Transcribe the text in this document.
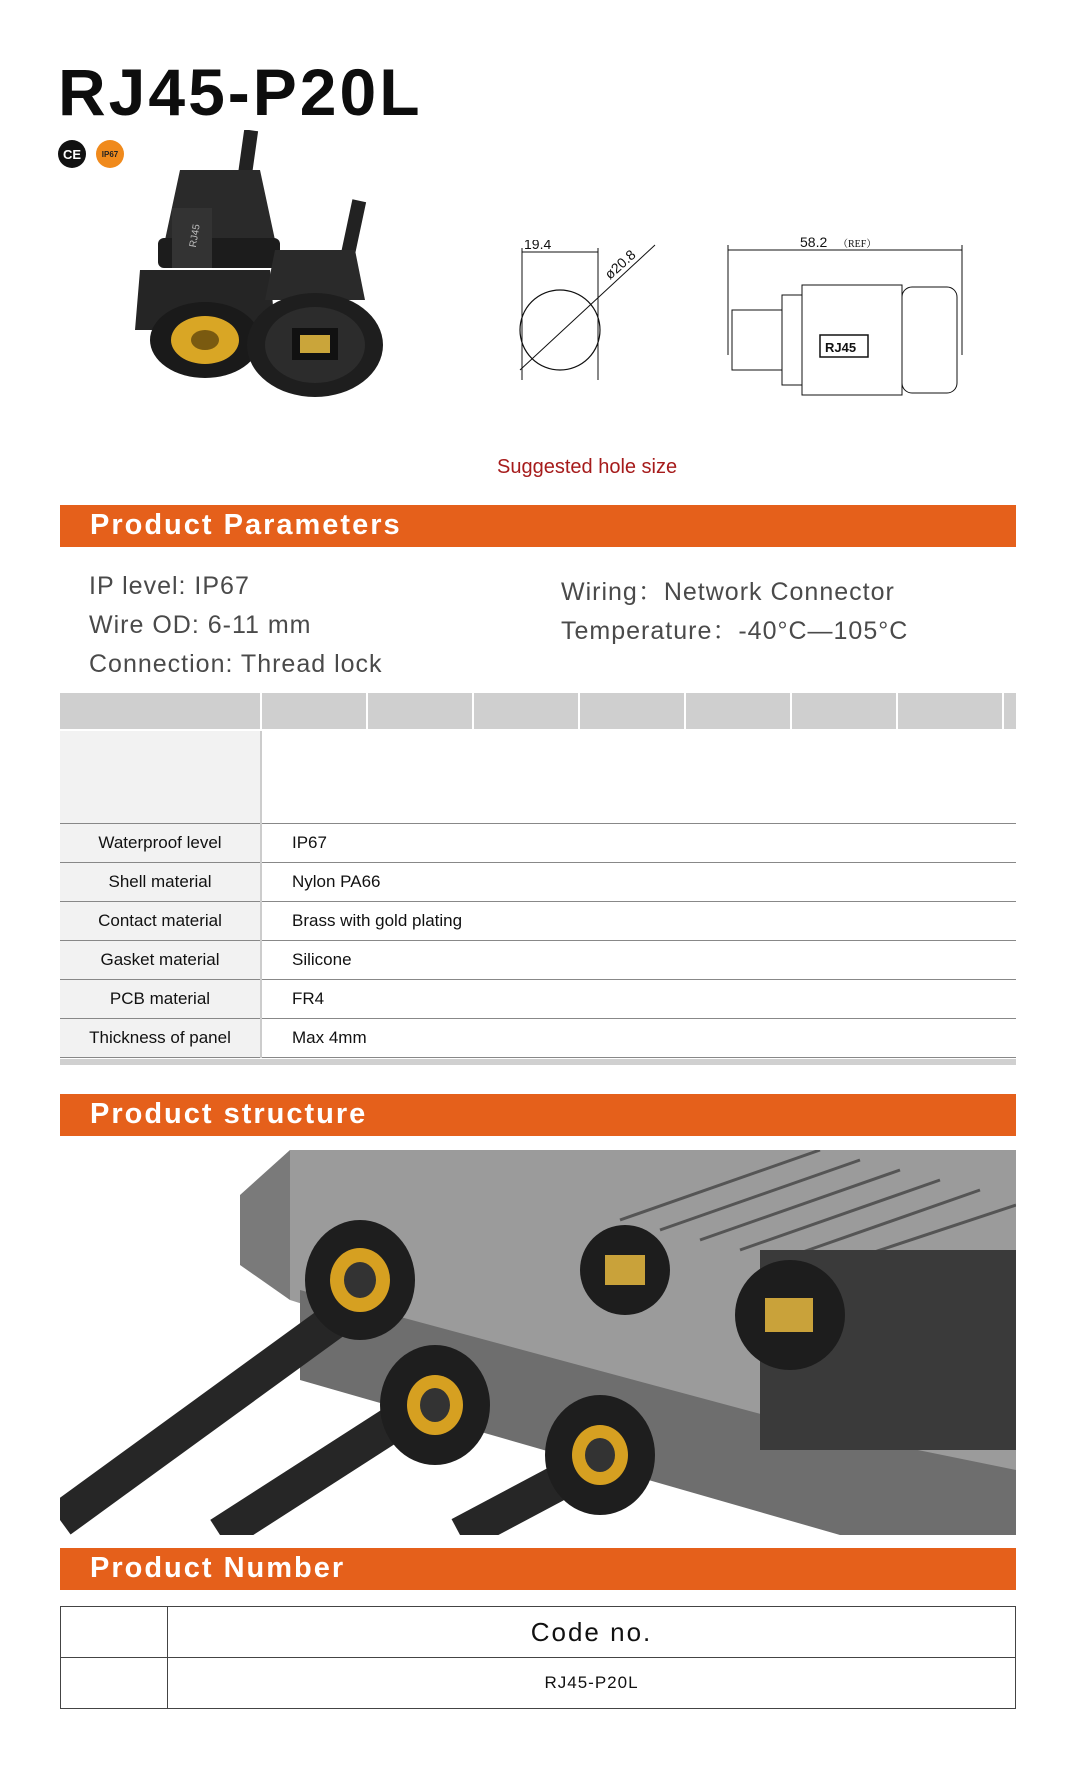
RJ45-P20L
CE	IP67
RJ45	19.4
ø20.8
58.2 （REF）
RJ45
Suggested hole size
Product Parameters
IP level: IP67
Wire OD: 6-11 mm
Connection: Thread lock
Wiring：Network Connector
Temperature：-40°C—105°C

Waterproof level	IP67
Shell material	Nylon PA66
Contact material	Brass with gold plating
Gasket material	Silicone
PCB material	FR4
Thickness of panel	Max 4mm
Product structure
Product Number
	Code no.
	RJ45-P20L
